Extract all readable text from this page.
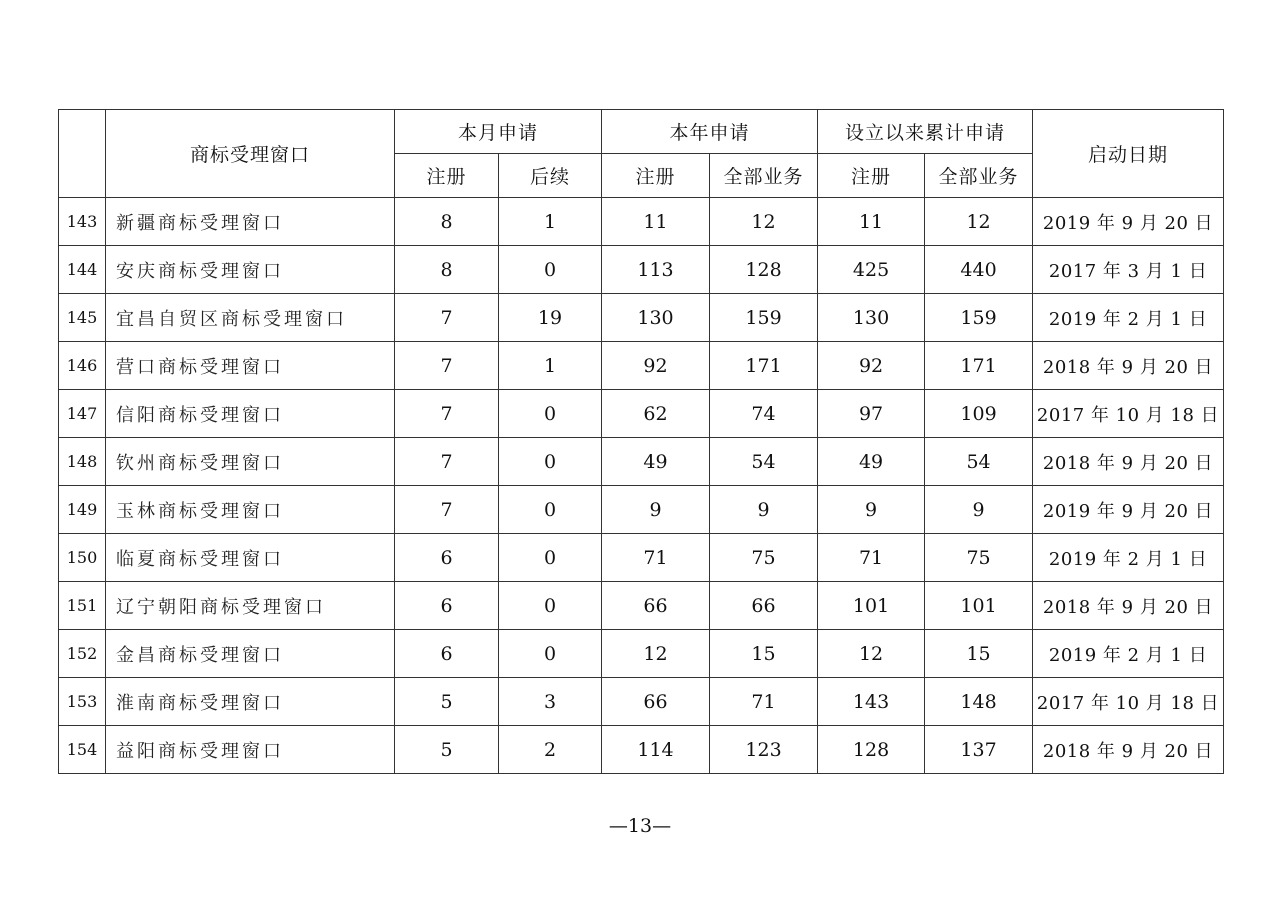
	商标受理窗口	本月申请		本年申请		设立以来累计申请		启动日期
		注册	后续	注册	全部业务	注册	全部业务	
143	新疆商标受理窗口	8	1	11	12	11	12	2019 年 9 月 20 日
144	安庆商标受理窗口	8	0	113	128	425	440	2017 年 3 月 1 日
145	宜昌自贸区商标受理窗口	7	19	130	159	130	159	2019 年 2 月 1 日
146	营口商标受理窗口	7	1	92	171	92	171	2018 年 9 月 20 日
147	信阳商标受理窗口	7	0	62	74	97	109	2017 年 10 月 18 日
148	钦州商标受理窗口	7	0	49	54	49	54	2018 年 9 月 20 日
149	玉林商标受理窗口	7	0	9	9	9	9	2019 年 9 月 20 日
150	临夏商标受理窗口	6	0	71	75	71	75	2019 年 2 月 1 日
151	辽宁朝阳商标受理窗口	6	0	66	66	101	101	2018 年 9 月 20 日
152	金昌商标受理窗口	6	0	12	15	12	15	2019 年 2 月 1 日
153	淮南商标受理窗口	5	3	66	71	143	148	2017 年 10 月 18 日
154	益阳商标受理窗口	5	2	114	123	128	137	2018 年 9 月 20 日
—13—
